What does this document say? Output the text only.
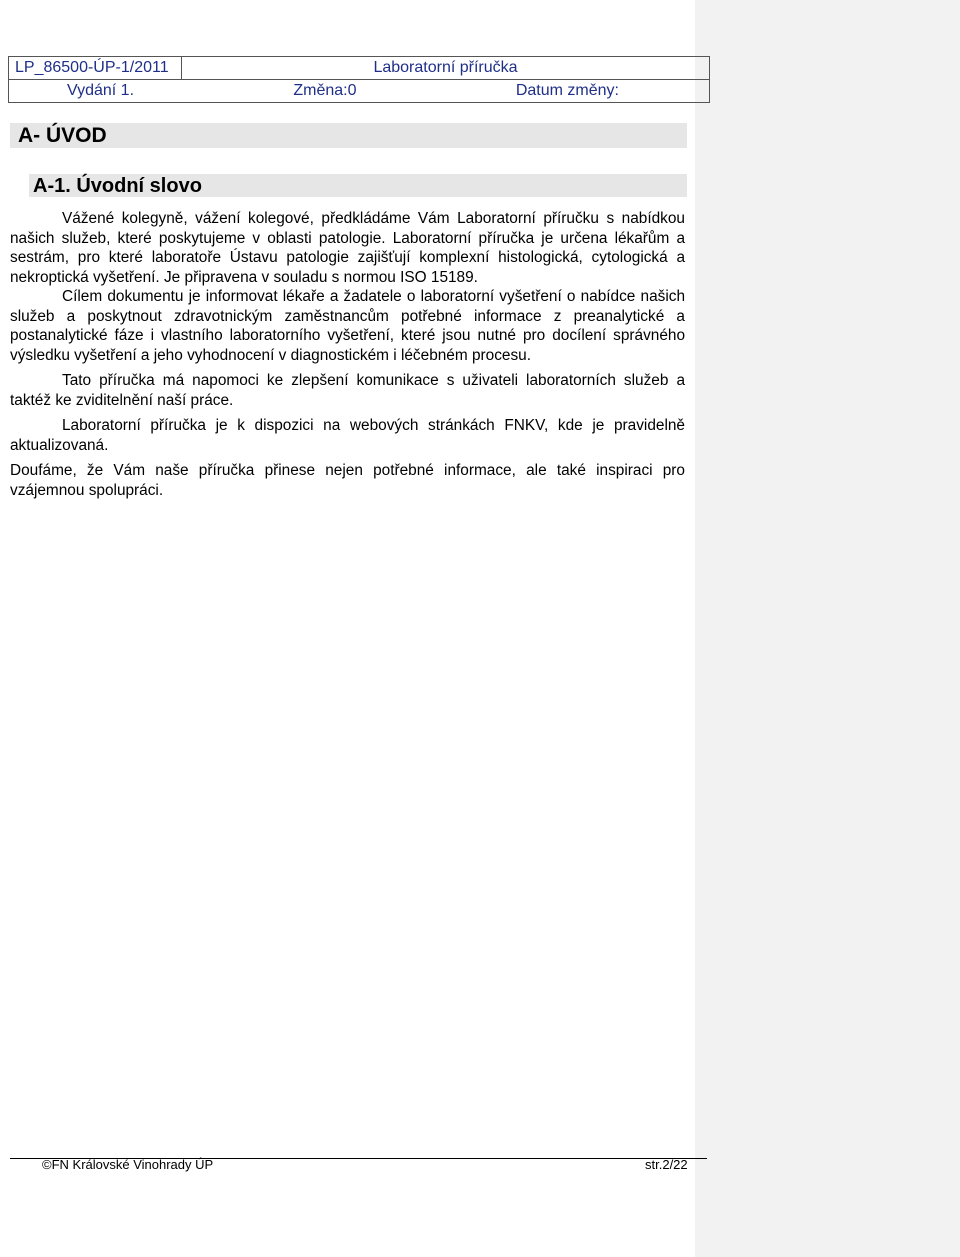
LP_86500-ÚP-1/2011	Laboratorní příručka

Vydání 1.	Změna:0	Datum změny:
A- ÚVOD
A-1. Úvodní slovo

Vážené kolegyně, vážení kolegové, předkládáme Vám Laboratorní příručku s nabídkou našich služeb, které poskytujeme v oblasti patologie. Laboratorní příručka je určena lékařům a sestrám, pro které laboratoře Ústavu patologie zajišťují komplexní histologická, cytologická a nekroptická vyšetření. Je připravena v souladu s normou ISO 15189.

Cílem dokumentu je informovat lékaře a žadatele o laboratorní vyšetření o nabídce našich služeb a poskytnout zdravotnickým zaměstnancům potřebné informace z preanalytické a postanalytické fáze i vlastního laboratorního vyšetření, které jsou nutné pro docílení správného výsledku vyšetření a jeho vyhodnocení v diagnostickém i léčebném procesu.

Tato příručka má napomoci ke zlepšení komunikace s uživateli laboratorních služeb a taktéž ke zviditelnění naší práce.

Laboratorní příručka je k dispozici na webových stránkách FNKV, kde je pravidelně aktualizovaná.

Doufáme, že Vám naše příručka přinese nejen potřebné informace, ale také inspiraci pro vzájemnou spolupráci.

©FN Královské Vinohrady ÚP	str.2/22
